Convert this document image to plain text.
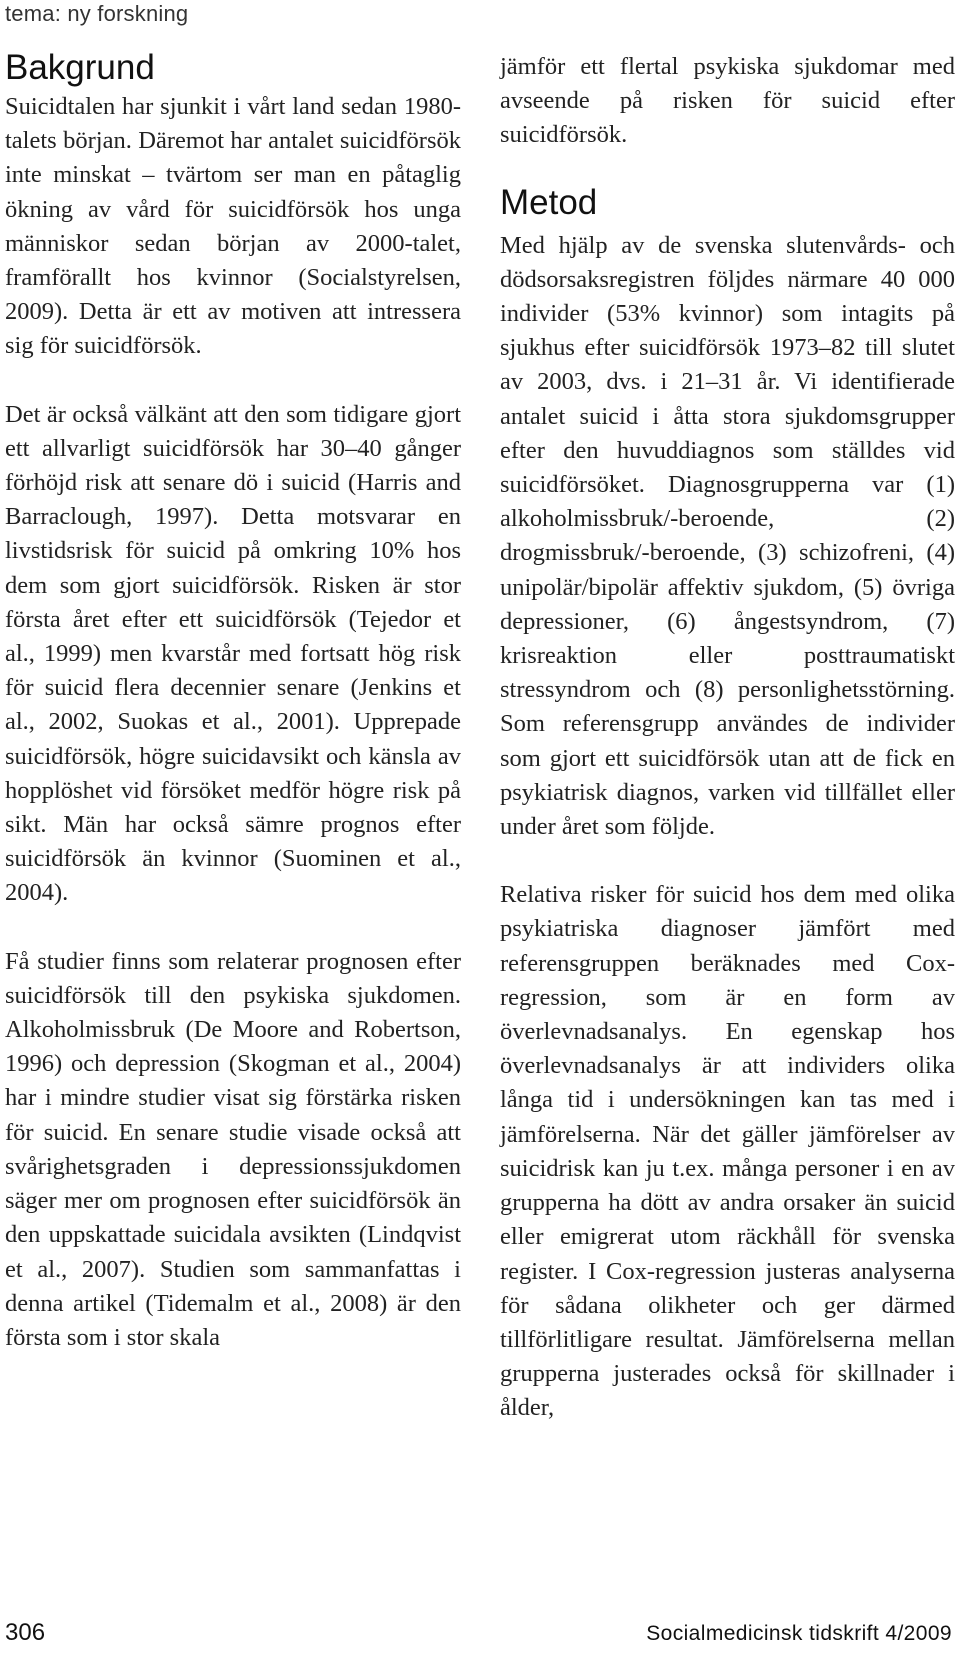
tema: ny forskning
Bakgrund

Suicidtalen har sjunkit i vårt land sedan 1980-talets början. Däremot har antalet suicidförsök inte minskat – tvärtom ser man en påtaglig ökning av vård för suicidförsök hos unga människor sedan början av 2000-talet, framförallt hos kvinnor (Socialstyrelsen, 2009). Detta är ett av motiven att intressera sig för suicidförsök.

Det är också välkänt att den som tidigare gjort ett allvarligt suicidförsök har 30–40 gånger förhöjd risk att senare dö i suicid (Harris and Barraclough, 1997). Detta motsvarar en livstidsrisk för suicid på omkring 10% hos dem som gjort suicidförsök. Risken är stor första året efter ett suicidförsök (Tejedor et al., 1999) men kvarstår med fortsatt hög risk för suicid flera decennier senare (Jenkins et al., 2002, Suokas et al., 2001). Upprepade suicidförsök, högre suicidavsikt och känsla av hopplöshet vid försöket medför högre risk på sikt. Män har också sämre prognos efter suicidförsök än kvinnor (Suominen et al., 2004).

Få studier finns som relaterar prognosen efter suicidförsök till den psykiska sjukdomen. Alkoholmissbruk (De Moore and Robertson, 1996) och depression (Skogman et al., 2004) har i mindre studier visat sig förstärka risken för suicid. En senare studie visade också att svårighetsgraden i depressionssjukdomen säger mer om prognosen efter suicidförsök än den uppskattade suicidala avsikten (Lindqvist et al., 2007). Studien som sammanfattas i denna artikel (Tidemalm et al., 2008) är den första som i stor skala

jämför ett flertal psykiska sjukdomar med avseende på risken för suicid efter suicidförsök.

Metod

Med hjälp av de svenska slutenvårds- och dödsorsaksregistren följdes närmare 40 000 individer (53% kvinnor) som intagits på sjukhus efter suicidförsök 1973–82 till slutet av 2003, dvs. i 21–31 år. Vi identifierade antalet suicid i åtta stora sjukdomsgrupper efter den huvuddiagnos som ställdes vid suicidförsöket. Diagnosgrupperna var (1) alkoholmissbruk/-beroende, (2) drogmissbruk/-beroende, (3) schizofreni, (4) unipolär/bipolär affektiv sjukdom, (5) övriga depressioner, (6) ångestsyndrom, (7) krisreaktion eller posttraumatiskt stressyndrom och (8) personlighetsstörning. Som referensgrupp användes de individer som gjort ett suicidförsök utan att de fick en psykiatrisk diagnos, varken vid tillfället eller under året som följde.

Relativa risker för suicid hos dem med olika psykiatriska diagnoser jämfört med referensgruppen beräknades med Cox-regression, som är en form av överlevnadsanalys. En egenskap hos överlevnadsanalys är att individers olika långa tid i undersökningen kan tas med i jämförelserna. När det gäller jämförelser av suicidrisk kan ju t.ex. många personer i en av grupperna ha dött av andra orsaker än suicid eller emigrerat utom räckhåll för svenska register. I Cox-regression justeras analyserna för sådana olikheter och ger därmed tillförlitligare resultat. Jämförelserna mellan grupperna justerades också för skillnader i ålder,

306	Socialmedicinsk tidskrift 4/2009
